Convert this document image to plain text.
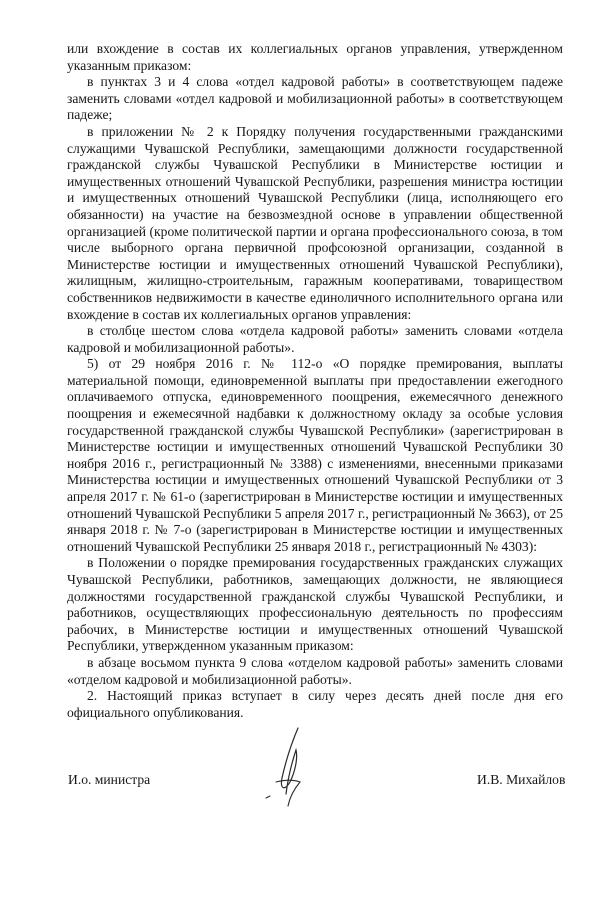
или вхождение в состав их коллегиальных органов управления, утвержденном указанным приказом:

в пунктах 3 и 4 слова «отдел кадровой работы» в соответствующем падеже заменить словами «отдел кадровой и мобилизационной работы» в соответствующем падеже;

в приложении № 2 к Порядку получения государственными гражданскими служащими Чувашской Республики, замещающими должности государственной гражданской службы Чувашской Республики в Министерстве юстиции и имущественных отношений Чувашской Республики, разрешения министра юстиции и имущественных отношений Чувашской Республики (лица, исполняющего его обязанности) на участие на безвозмездной основе в управлении общественной организацией (кроме политической партии и органа профессионального союза, в том числе выборного органа первичной профсоюзной организации, созданной в Министерстве юстиции и имущественных отношений Чувашской Республики), жилищным, жилищно-строительным, гаражным кооперативами, товариществом собственников недвижимости в качестве единоличного исполнительного органа или вхождение в состав их коллегиальных органов управления:

в столбце шестом слова «отдела кадровой работы» заменить словами «отдела кадровой и мобилизационной работы».

5) от 29 ноября 2016 г. № 112-о «О порядке премирования, выплаты материальной помощи, единовременной выплаты при предоставлении ежегодного оплачиваемого отпуска, единовременного поощрения, ежемесячного денежного поощрения и ежемесячной надбавки к должностному окладу за особые условия государственной гражданской службы Чувашской Республики» (зарегистрирован в Министерстве юстиции и имущественных отношений Чувашской Республики 30 ноября 2016 г., регистрационный № 3388) с изменениями, внесенными приказами Министерства юстиции и имущественных отношений Чувашской Республики от 3 апреля 2017 г. № 61-о (зарегистрирован в Министерстве юстиции и имущественных отношений Чувашской Республики 5 апреля 2017 г., регистрационный № 3663), от 25 января 2018 г. № 7-о (зарегистрирован в Министерстве юстиции и имущественных отношений Чувашской Республики 25 января 2018 г., регистрационный № 4303):

в Положении о порядке премирования государственных гражданских служащих Чувашской Республики, работников, замещающих должности, не являющиеся должностями государственной гражданской службы Чувашской Республики, и работников, осуществляющих профессиональную деятельность по профессиям рабочих, в Министерстве юстиции и имущественных отношений Чувашской Республики, утвержденном указанным приказом:

в абзаце восьмом пункта 9 слова «отделом кадровой работы» заменить словами «отделом кадровой и мобилизационной работы».

2. Настоящий приказ вступает в силу через десять дней после дня его официального опубликования.

И.о. министра	И.В. Михайлов
